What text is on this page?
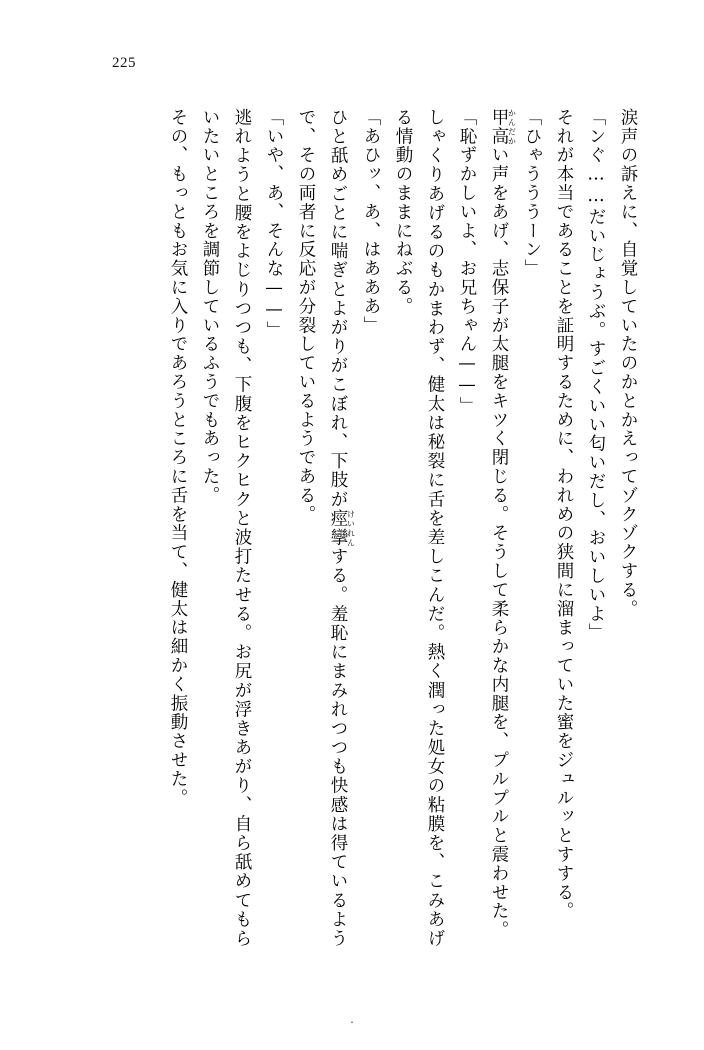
225

涙声の訴えに、自覚していたのかとかえってゾクゾクする。

「ンぐ……だいじょうぶ。すごくいい匂いだし、おいしいよ」

それが本当であることを証明するために、われめの狭間に溜まっていた蜜をジュルッとすする。

「ひゃうううーン」

甲高かんだかい声をあげ、志保子が太腿をキツく閉じる。そうして柔らかな内腿を、プルプルと震わせた。

「恥ずかしいよ、お兄ちゃん——」

しゃくりあげるのもかまわず、健太は秘裂に舌を差しこんだ。熱く潤った処女の粘膜を、こみあげる情動のままにねぶる。

「あひッ、あ、はあああ」

ひと舐めごとに喘ぎとよがりがこぼれ、下肢が痙攣けいれんする。羞恥にまみれつつも快感は得ているようで、その両者に反応が分裂しているようである。

「いや、あ、そんな——」

逃れようと腰をよじりつつも、下腹をヒクヒクと波打たせる。お尻が浮きあがり、自ら舐めてもらいたいところを調節しているふうでもあった。

その、もっともお気に入りであろうところに舌を当て、健太は細かく振動させた。

.
